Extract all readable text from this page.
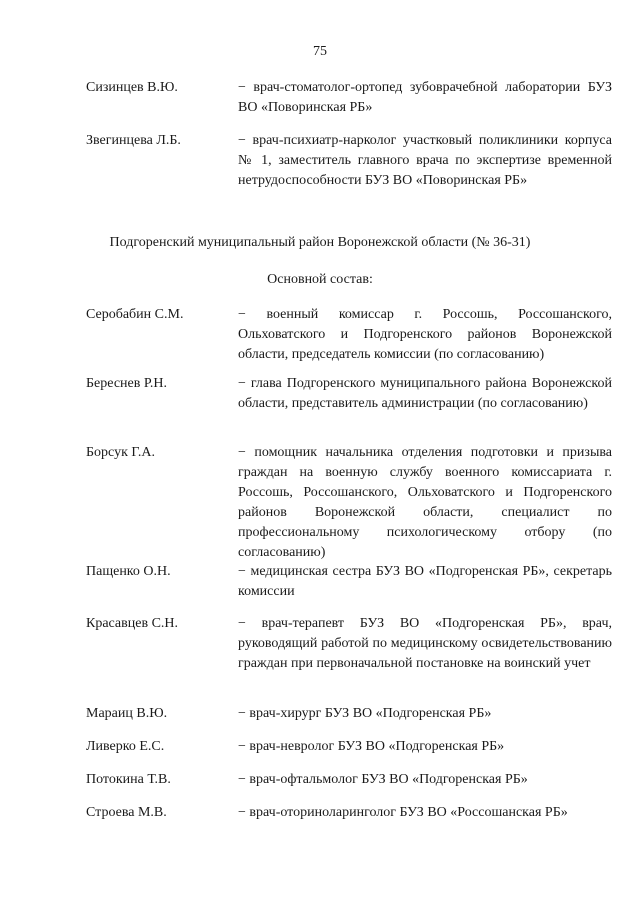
75
Сизинцев В.Ю.	− врач-стоматолог-ортопед зубоврачебной лаборатории БУЗ ВО «Поворинская РБ»
Звегинцева Л.Б.	− врач-психиатр-нарколог участковый поликлиники корпуса № 1, заместитель главного врача по экспертизе временной нетрудоспособности БУЗ ВО «Поворинская РБ»
Подгоренский муниципальный район Воронежской области (№ 36-31)
Основной состав:
Серобабин С.М.	− военный комиссар г. Россошь, Россошанского, Ольховатского и Подгоренского районов Воронежской области, председатель комиссии (по согласованию)
Береснев Р.Н.	− глава Подгоренского муниципального района Воронежской области, представитель администрации (по согласованию)
Борсук Г.А.	− помощник начальника отделения подготовки и призыва граждан на военную службу военного комиссариата г. Россошь, Россошанского, Ольховатского и Подгоренского районов Воронежской области, специалист по профессиональному психологическому отбору (по согласованию)
Пащенко О.Н.	− медицинская сестра БУЗ ВО «Подгоренская РБ», секретарь комиссии
Красавцев С.Н.	− врач-терапевт БУЗ ВО «Подгоренская РБ», врач, руководящий работой по медицинскому освидетельствованию граждан при первоначальной постановке на воинский учет
Мараиц В.Ю.	− врач-хирург БУЗ ВО «Подгоренская РБ»
Ливерко Е.С.	− врач-невролог БУЗ ВО «Подгоренская РБ»
Потокина Т.В.	− врач-офтальмолог БУЗ ВО «Подгоренская РБ»
Строева М.В.	− врач-оториноларинголог БУЗ ВО «Россошанская РБ»
